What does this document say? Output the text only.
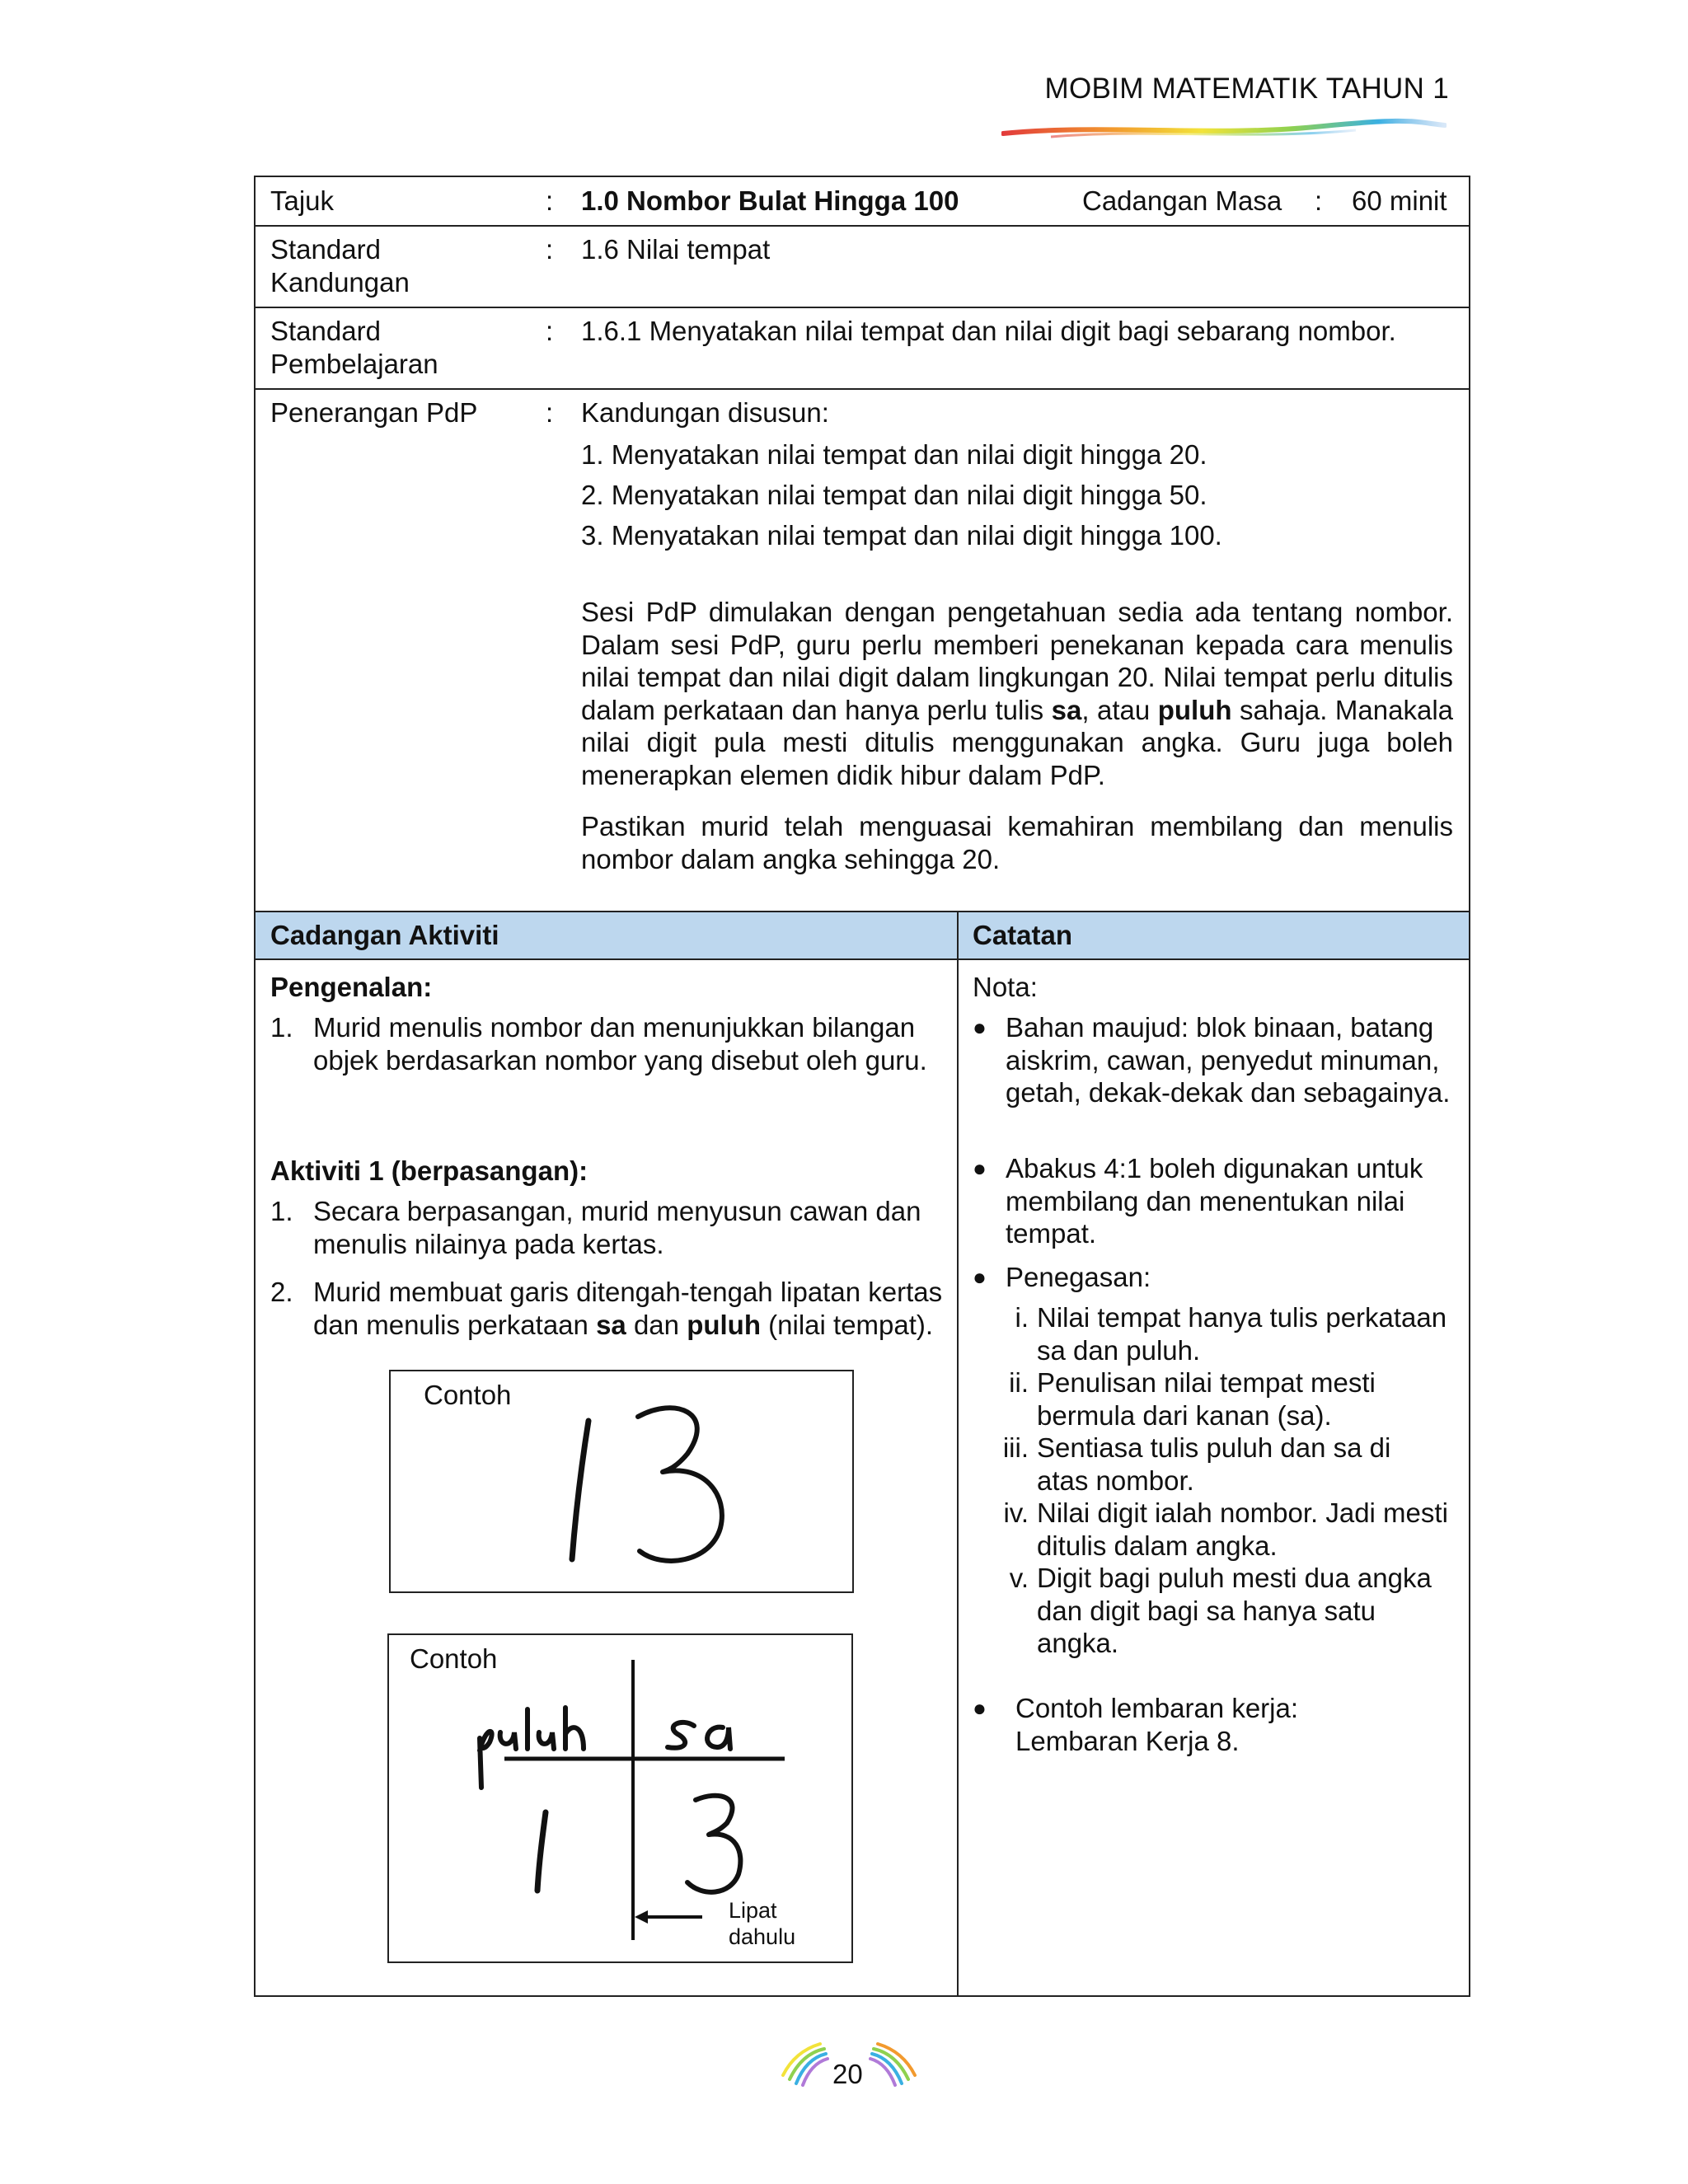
MOBIM MATEMATIK TAHUN 1
Tajuk	: 1.0 Nombor Bulat Hingga 100	Cadangan Masa : 60 minit
Standard
Kandungan
: 1.6 Nilai tempat
Standard
Pembelajaran
: 1.6.1 Menyatakan nilai tempat dan nilai digit bagi sebarang nombor.
Penerangan PdP	: Kandungan disusun:
1. Menyatakan nilai tempat dan nilai digit hingga 20.
2. Menyatakan nilai tempat dan nilai digit hingga 50.
3. Menyatakan nilai tempat dan nilai digit hingga 100.
Sesi PdP dimulakan dengan pengetahuan sedia ada tentang nombor. Dalam sesi PdP, guru perlu memberi penekanan kepada cara menulis nilai tempat dan nilai digit dalam lingkungan 20. Nilai tempat perlu ditulis dalam perkataan dan hanya perlu tulis sa, atau puluh sahaja. Manakala nilai digit pula mesti ditulis menggunakan angka. Guru juga boleh menerapkan elemen didik hibur dalam PdP.
Pastikan murid telah menguasai kemahiran membilang dan menulis nombor dalam angka sehingga 20.
Cadangan Aktiviti	Catatan
Pengenalan:
1. Murid menulis nombor dan menunjukkan bilangan objek berdasarkan nombor yang disebut oleh guru.
Aktiviti 1 (berpasangan):
1. Secara berpasangan, murid menyusun cawan dan menulis nilainya pada kertas.
2. Murid membuat garis ditengah-tengah lipatan kertas dan menulis perkataan sa dan puluh (nilai tempat).
Contoh
Contoh
Lipat
dahulu
Nota:
● Bahan maujud: blok binaan, batang aiskrim, cawan, penyedut minuman, getah, dekak-dekak dan sebagainya.
● Abakus 4:1 boleh digunakan untuk membilang dan menentukan nilai tempat.
● Penegasan:
i. Nilai tempat hanya tulis perkataan sa dan puluh.
ii. Penulisan nilai tempat mesti bermula dari kanan (sa).
iii. Sentiasa tulis puluh dan sa di atas nombor.
iv. Nilai digit ialah nombor. Jadi mesti ditulis dalam angka.
v. Digit bagi puluh mesti dua angka dan digit bagi sa hanya satu angka.
● Contoh lembaran kerja:
Lembaran Kerja 8.
20
